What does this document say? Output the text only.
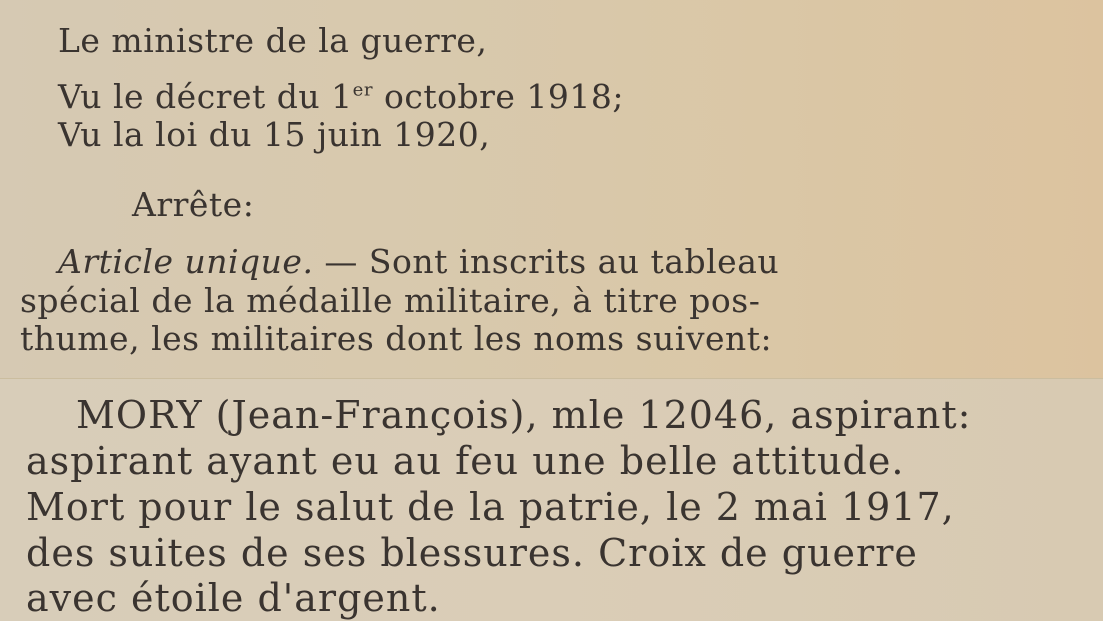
Le ministre de la guerre,
Vu le décret du 1er octobre 1918;
Vu la loi du 15 juin 1920,
Arrête:
Article unique. — Sont inscrits au tableau
spécial de la médaille militaire, à titre pos-
thume, les militaires dont les noms suivent:
MORY (Jean-François), mle 12046, aspirant:
aspirant ayant eu au feu une belle attitude.
Mort pour le salut de la patrie, le 2 mai 1917,
des suites de ses blessures. Croix de guerre
avec étoile d'argent.
